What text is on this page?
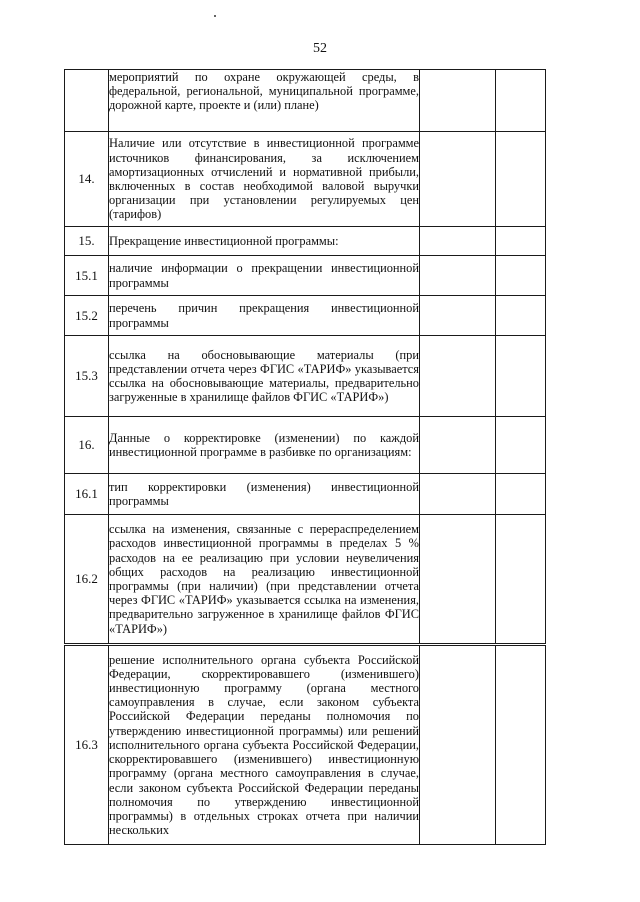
52
	мероприятий по охране окружающей среды, в федеральной, региональной, муниципальной программе, дорожной карте, проекте и (или) плане)		
14.	Наличие или отсутствие в инвестиционной программе источников финансирования, за исключением амортизационных отчислений и нормативной прибыли, включенных в состав необходимой валовой выручки организации при установлении регулируемых цен (тарифов)		
15.	Прекращение инвестиционной программы:		
15.1	наличие информации о прекращении инвестиционной программы		
15.2	перечень причин прекращения инвестиционной программы		
15.3	ссылка на обосновывающие материалы (при представлении отчета через ФГИС «ТАРИФ» указывается ссылка на обосновывающие материалы, предварительно загруженные в хранилище файлов ФГИС «ТАРИФ»)		
16.	Данные о корректировке (изменении) по каждой инвестиционной программе в разбивке по организациям:		
16.1	тип корректировки (изменения) инвестиционной программы		
16.2	ссылка на изменения, связанные с перераспределением расходов инвестиционной программы в пределах 5 % расходов на ее реализацию при условии неувеличения общих расходов на реализацию инвестиционной программы (при наличии) (при представлении отчета через ФГИС «ТАРИФ» указывается ссылка на изменения, предварительно загруженное в хранилище файлов ФГИС «ТАРИФ»)		
16.3	решение исполнительного органа субъекта Российской Федерации, скорректировавшего (изменившего) инвестиционную программу (органа местного самоуправления в случае, если законом субъекта Российской Федерации переданы полномочия по утверждению инвестиционной программы) или решений исполнительного органа субъекта Российской Федерации, скорректировавшего (изменившего) инвестиционную программу (органа местного самоуправления в случае, если законом субъекта Российской Федерации переданы полномочия по утверждению инвестиционной программы) в отдельных строках отчета при наличии нескольких		
